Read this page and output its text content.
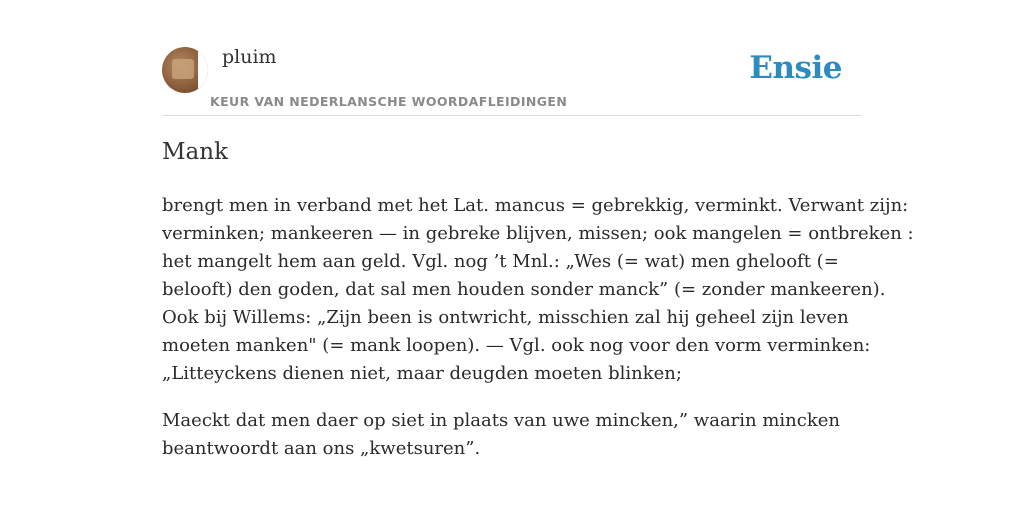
pluim
KEUR VAN NEDERLANSCHE WOORDAFLEIDINGEN
Ensie
Mank

brengt men in verband met het Lat. mancus = gebrekkig, verminkt. Verwant zijn:
verminken; mankeeren — in gebreke blijven, missen; ook mangelen = ontbreken :
het mangelt hem aan geld. Vgl. nog ’t Mnl.: „Wes (= wat) men ghelooft (=
belooft) den goden, dat sal men houden sonder manck” (= zonder mankeeren).
Ook bij Willems: „Zijn been is ontwricht, misschien zal hij geheel zijn leven
moeten manken" (= mank loopen). — Vgl. ook nog voor den vorm verminken:
„Litteyckens dienen niet, maar deugden moeten blinken;

Maeckt dat men daer op siet in plaats van uwe mincken,” waarin mincken
beantwoordt aan ons „kwetsuren”.
